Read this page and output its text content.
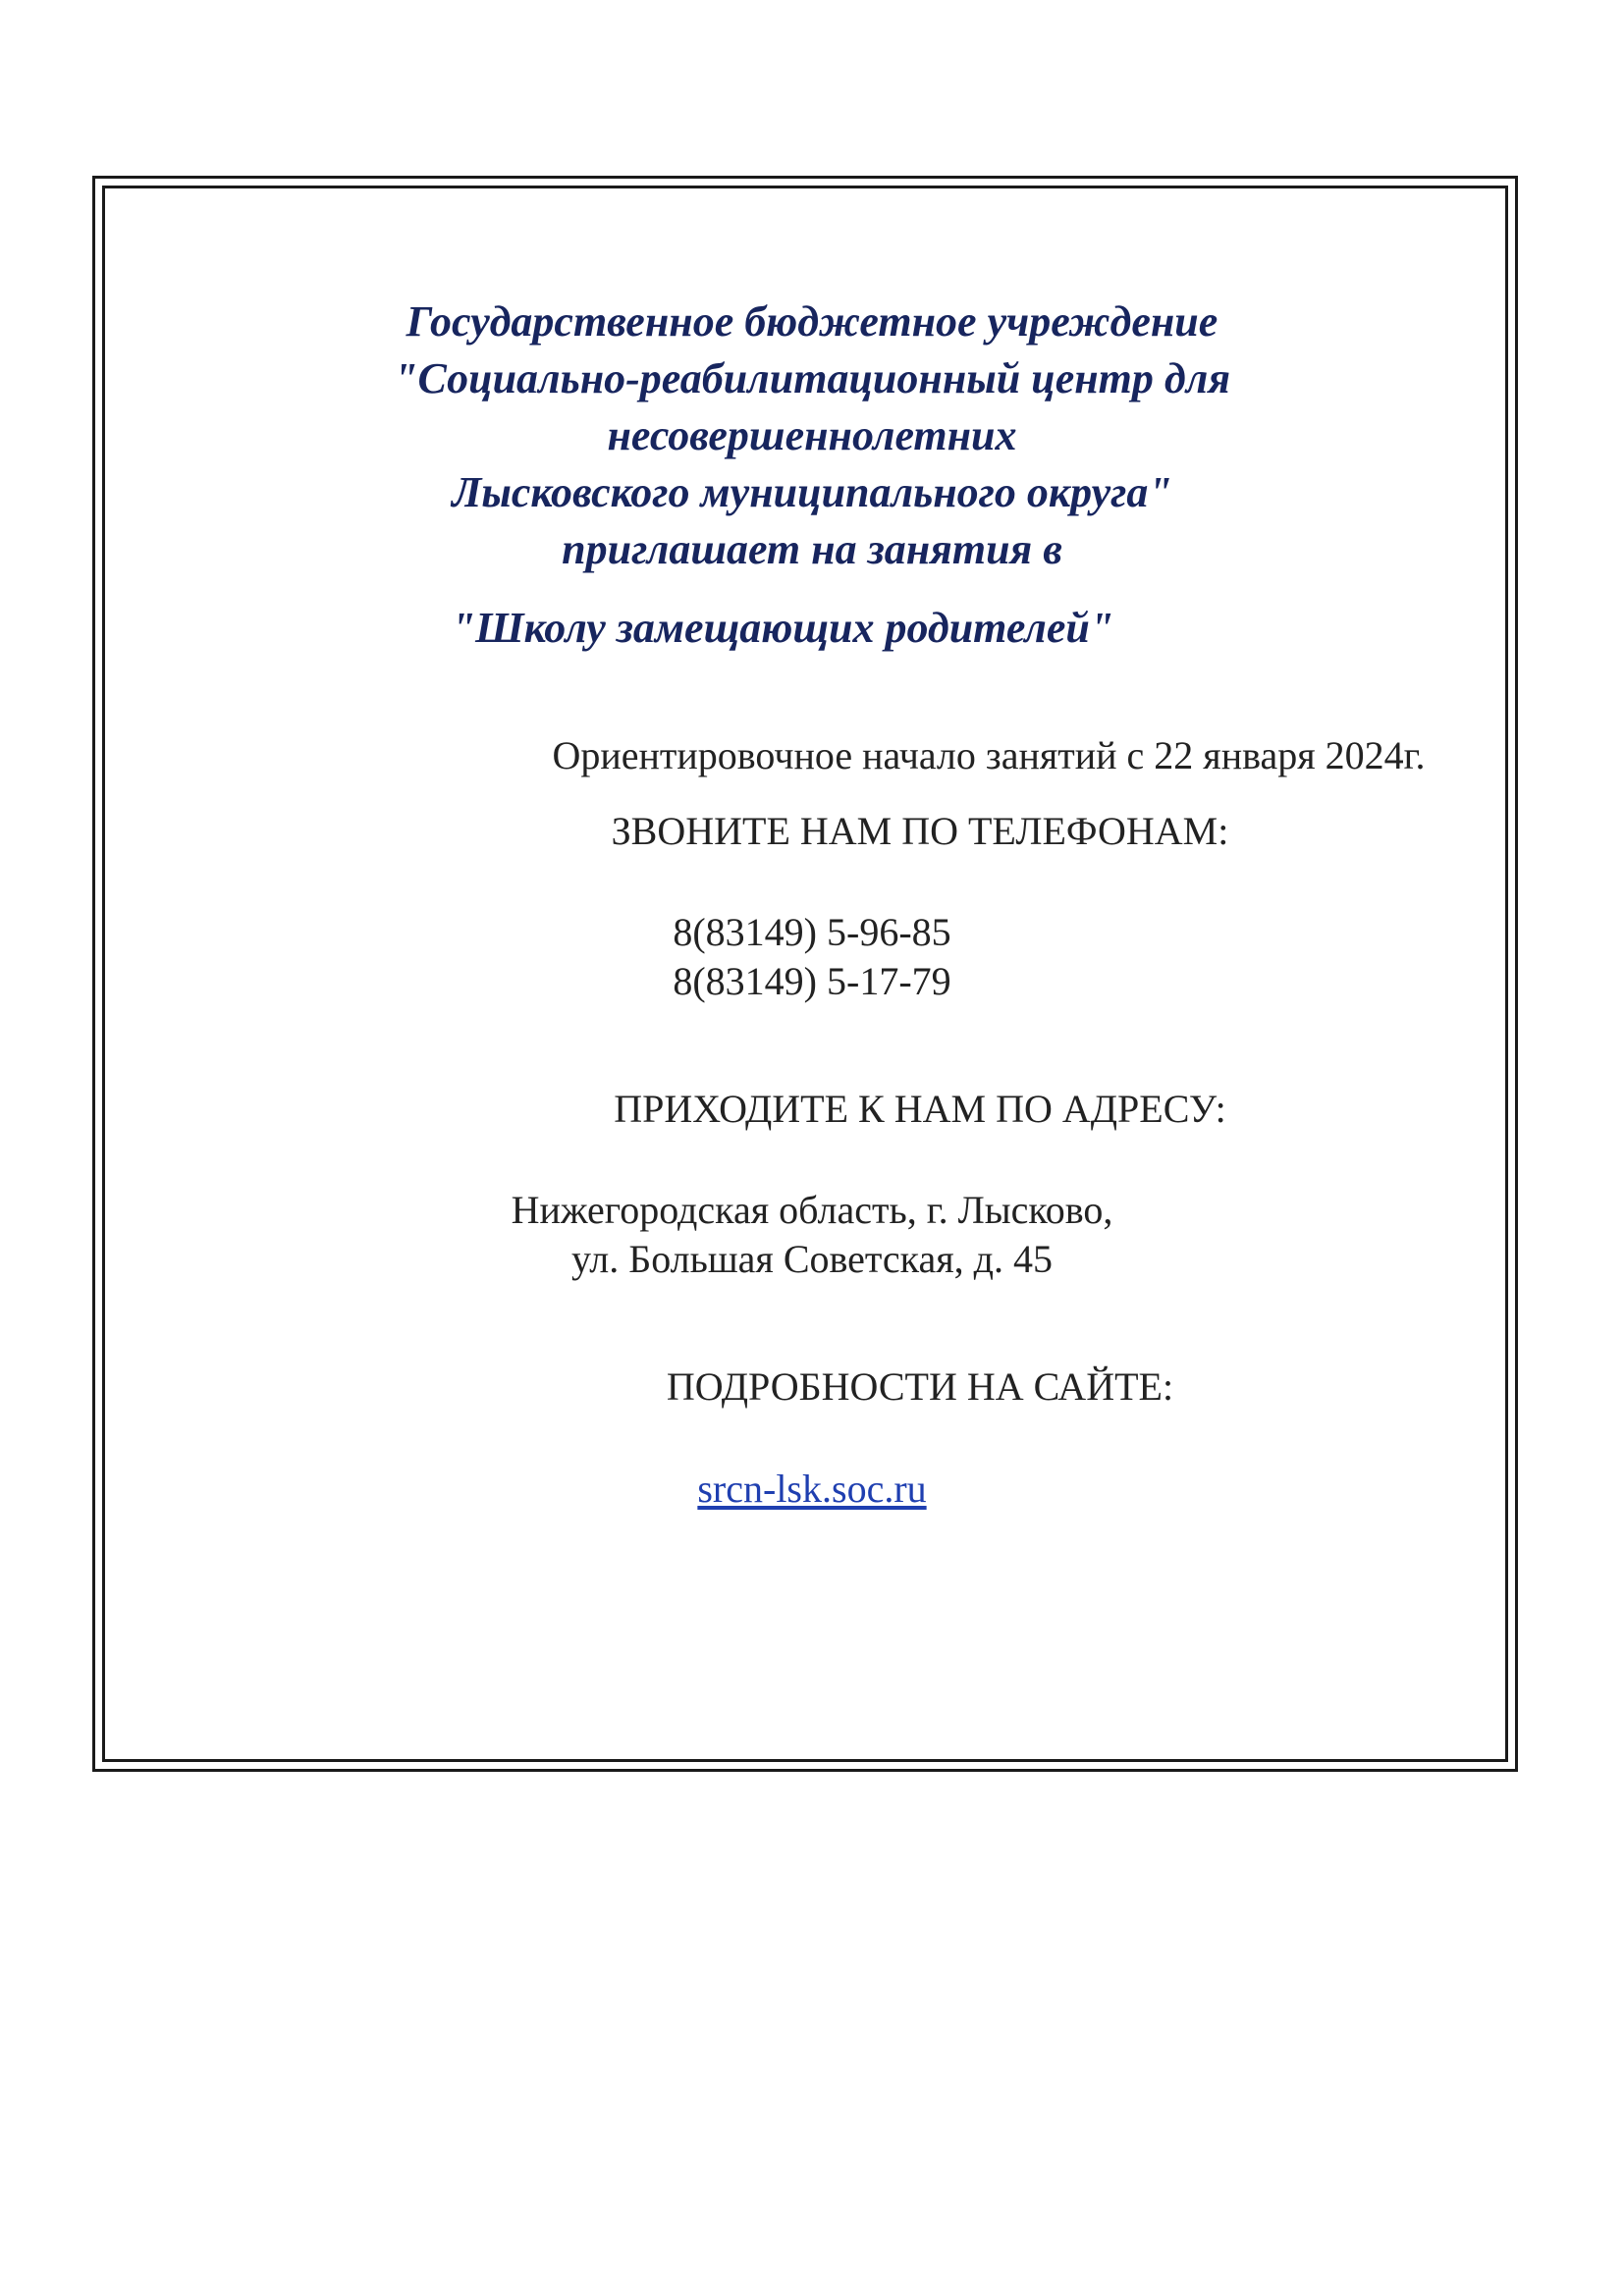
Государственное бюджетное учреждение

"Социально-реабилитационный центр для

несовершеннолетних

Лысковского муниципального округа"

приглашает на занятия в

"Школу замещающих родителей"

Ориентировочное начало занятий с 22 января 2024г.

ЗВОНИТЕ НАМ ПО ТЕЛЕФОНАМ:

8(83149) 5-96-85

8(83149) 5-17-79

ПРИХОДИТЕ К НАМ ПО АДРЕСУ:

Нижегородская область, г. Лысково,

ул. Большая Советская, д. 45

ПОДРОБНОСТИ НА САЙТЕ:

srcn-lsk.soc.ru
